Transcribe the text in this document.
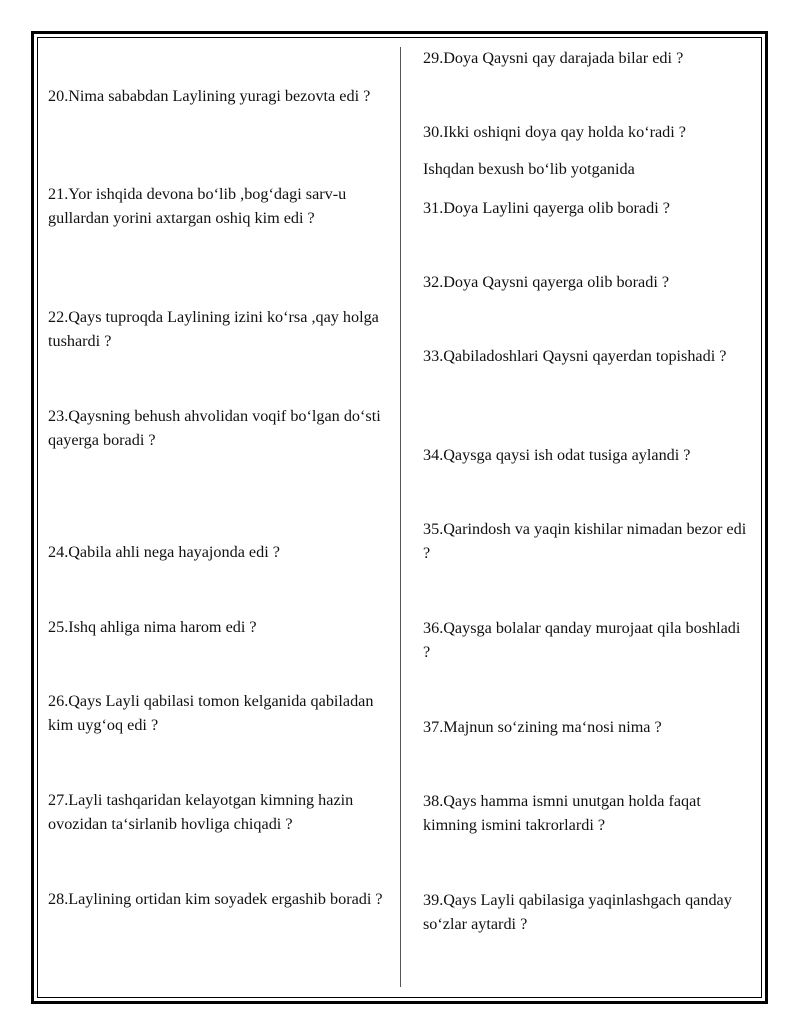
20.Nima sababdan Laylining yuragi bezovta edi ?

21.Yor ishqida devona bo‘lib ,bog‘dagi sarv-u gullardan yorini axtargan oshiq kim edi ?

22.Qays tuproqda Laylining izini ko‘rsa ,qay holga tushardi ?

23.Qaysning behush ahvolidan voqif bo‘lgan do‘sti qayerga boradi ?

24.Qabila ahli nega hayajonda edi ?

25.Ishq ahliga nima harom edi ?

26.Qays Layli qabilasi tomon kelganida qabiladan kim uyg‘oq edi ?

27.Layli tashqaridan kelayotgan kimning hazin ovozidan ta‘sirlanib hovliga chiqadi ?

28.Laylining ortidan kim soyadek ergashib boradi ?

29.Doya Qaysni qay darajada bilar edi ?

30.Ikki oshiqni doya qay holda ko‘radi ?

Ishqdan bexush bo‘lib yotganida

31.Doya Laylini qayerga olib boradi ?

32.Doya Qaysni qayerga olib boradi ?

33.Qabiladoshlari Qaysni qayerdan topishadi ?

34.Qaysga qaysi ish odat tusiga aylandi ?

35.Qarindosh va yaqin kishilar nimadan bezor edi ?

36.Qaysga bolalar qanday murojaat qila boshladi ?

37.Majnun so‘zining ma‘nosi nima ?

38.Qays hamma ismni unutgan holda faqat kimning ismini takrorlardi ?

39.Qays Layli qabilasiga yaqinlashgach qanday so‘zlar aytardi ?
